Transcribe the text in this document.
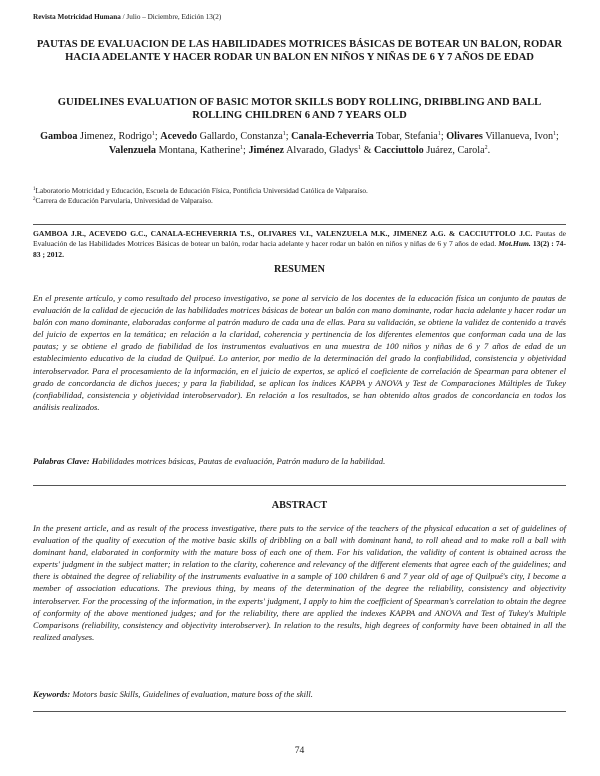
Revista Motricidad Humana / Julio – Diciembre, Edición 13(2)
PAUTAS DE EVALUACION DE LAS HABILIDADES MOTRICES BÁSICAS DE BOTEAR UN BALON, RODAR HACIA ADELANTE Y HACER RODAR UN BALON EN NIÑOS Y NIÑAS DE 6 Y 7 AÑOS DE EDAD
GUIDELINES EVALUATION OF BASIC MOTOR SKILLS BODY ROLLING, DRIBBLING AND BALL ROLLING CHILDREN 6 AND 7 YEARS OLD
Gamboa Jimenez, Rodrigo$^1$; Acevedo Gallardo, Constanza$^1$; Canala-Echeverria Tobar, Stefania$^1$; Olivares Villanueva, Ivon$^1$; Valenzuela Montana, Katherine$^1$; Jiménez Alvarado, Gladys$^1$ & Cacciuttolo Juárez, Carola$^2$.
$^1$Laboratorio Motricidad y Educación, Escuela de Educación Física, Pontificia Universidad Católica de Valparaíso.
$^2$Carrera de Educación Parvularia, Universidad de Valparaíso.
GAMBOA J.R., ACEVEDO G.C., CANALA-ECHEVERRIA T.S., OLIVARES V.I., VALENZUELA M.K., JIMENEZ A.G. & CACCIUTTOLO J.C. Pautas de Evaluación de las Habilidades Motrices Básicas de botear un balón, rodar hacia adelante y hacer rodar un balón en niños y niñas de 6 y 7 años de edad. Mot.Hum. 13(2) : 74-83 ; 2012.
RESUMEN
En el presente artículo, y como resultado del proceso investigativo, se pone al servicio de los docentes de la educación física un conjunto de pautas de evaluación de la calidad de ejecución de las habilidades motrices básicas de botear un balón con mano dominante, rodar hacia adelante y hacer rodar un balón con mano dominante, elaboradas conforme al patrón maduro de cada una de ellas. Para su validación, se obtiene la validez de contenido a través del juicio de expertos en la temática; en relación a la claridad, coherencia y pertinencia de los diferentes elementos que conforman cada una de las pautas; y se obtiene el grado de fiabilidad de los instrumentos evaluativos en una muestra de 100 niños y niñas de 6 y 7 años de edad de un establecimiento educativo de la ciudad de Quilpué. Lo anterior, por medio de la determinación del grado la confiabilidad, consistencia y objetividad interobservador. Para el procesamiento de la información, en el juicio de expertos, se aplicó el coeficiente de correlación de Spearman para obtener el grado de concordancia de dichos jueces; y para la fiabilidad, se aplican los índices KAPPA y ANOVA y Test de Comparaciones Múltiples de Tukey (confiabilidad, consistencia y objetividad interobservador). En relación a los resultados, se han obtenido altos grados de concordancia en todos los análisis realizados.
Palabras Clave: Habilidades motrices básicas, Pautas de evaluación, Patrón maduro de la habilidad.
ABSTRACT
In the present article, and as result of the process investigative, there puts to the service of the teachers of the physical education a set of guidelines of evaluation of the quality of execution of the motive basic skills of dribbling on a ball with dominant hand, to roll ahead and to make roll a ball with dominant hand, elaborated in conformity with the mature boss of each one of them. For his validation, the validity of content is obtained across the experts' judgment in the subject matter; in relation to the clarity, coherence and relevancy of the different elements that agree each of the guidelines; and there is obtained the degree of reliability of the instruments evaluative in a sample of 100 children 6 and 7 year old of age of Quilpué's city, I become a member of association educations. The previous thing, by means of the determination of the degree the reliability, consistency and objectivity interobserver. For the processing of the information, in the experts' judgment, I apply to him the coefficient of Spearman's correlation to obtain the degree of conformity of the above mentioned judges; and for the reliability, there are applied the indexes KAPPA and ANOVA and Test of Tukey's Multiple Comparisons (reliability, consistency and objectivity interobserver). In relation to the results, high degrees of conformity have been obtained in all the realized analyses.
Keywords: Motors basic Skills, Guidelines of evaluation, mature boss of the skill.
74
